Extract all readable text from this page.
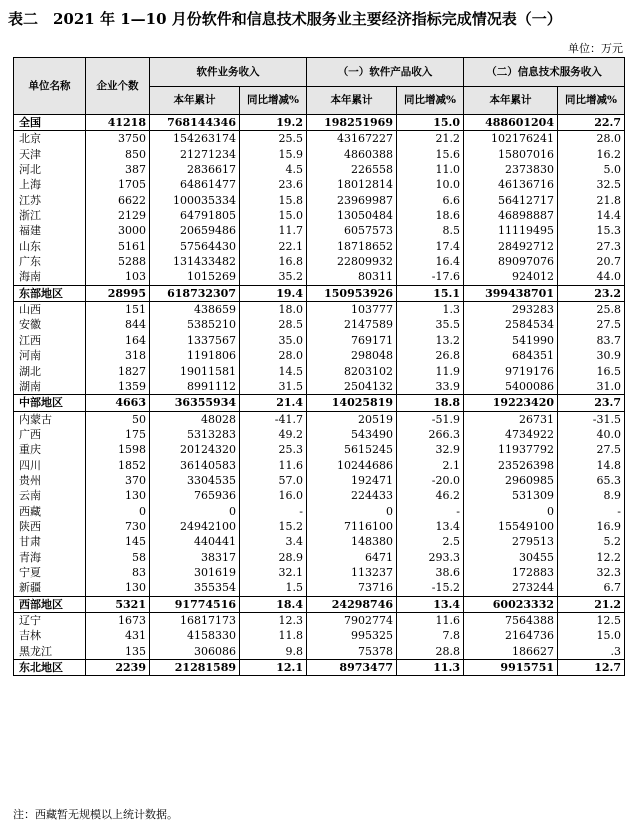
表二　2021 年 1—10 月份软件和信息技术服务业主要经济指标完成情况表（一）
单位：万元
单位名称	企业个数	软件业务收入		（一）软件产品收入		（二）信息技术服务收入	
		本年累计	同比增减%	本年累计	同比增减%	本年累计	同比增减%
全国	41218	768144346	19.2	198251969	15.0	488601204	22.7
北京	3750	154263174	25.5	43167227	21.2	102176241	28.0
天津	850	21271234	15.9	4860388	15.6	15807016	16.2
河北	387	2836617	4.5	226558	11.0	2373830	5.0
上海	1705	64861477	23.6	18012814	10.0	46136716	32.5
江苏	6622	100035334	15.8	23969987	6.6	56412717	21.8
浙江	2129	64791805	15.0	13050484	18.6	46898887	14.4
福建	3000	20659486	11.7	6057573	8.5	11119495	15.3
山东	5161	57564430	22.1	18718652	17.4	28492712	27.3
广东	5288	131433482	16.8	22809932	16.4	89097076	20.7
海南	103	1015269	35.2	80311	-17.6	924012	44.0
东部地区	28995	618732307	19.4	150953926	15.1	399438701	23.2
山西	151	438659	18.0	103777	1.3	293283	25.8
安徽	844	5385210	28.5	2147589	35.5	2584534	27.5
江西	164	1337567	35.0	769171	13.2	541990	83.7
河南	318	1191806	28.0	298048	26.8	684351	30.9
湖北	1827	19011581	14.5	8203102	11.9	9719176	16.5
湖南	1359	8991112	31.5	2504132	33.9	5400086	31.0
中部地区	4663	36355934	21.4	14025819	18.8	19223420	23.7
内蒙古	50	48028	-41.7	20519	-51.9	26731	-31.5
广西	175	5313283	49.2	543490	266.3	4734922	40.0
重庆	1598	20124320	25.3	5615245	32.9	11937792	27.5
四川	1852	36140583	11.6	10244686	2.1	23526398	14.8
贵州	370	3304535	57.0	192471	-20.0	2960985	65.3
云南	130	765936	16.0	224433	46.2	531309	8.9
西藏	0	0	-	0	-	0	-
陕西	730	24942100	15.2	7116100	13.4	15549100	16.9
甘肃	145	440441	3.4	148380	2.5	279513	5.2
青海	58	38317	28.9	6471	293.3	30455	12.2
宁夏	83	301619	32.1	113237	38.6	172883	32.3
新疆	130	355354	1.5	73716	-15.2	273244	6.7
西部地区	5321	91774516	18.4	24298746	13.4	60023332	21.2
辽宁	1673	16817173	12.3	7902774	11.6	7564388	12.5
吉林	431	4158330	11.8	995325	7.8	2164736	15.0
黑龙江	135	306086	9.8	75378	28.8	186627	.3
东北地区	2239	21281589	12.1	8973477	11.3	9915751	12.7
注：西藏暂无规模以上统计数据。
